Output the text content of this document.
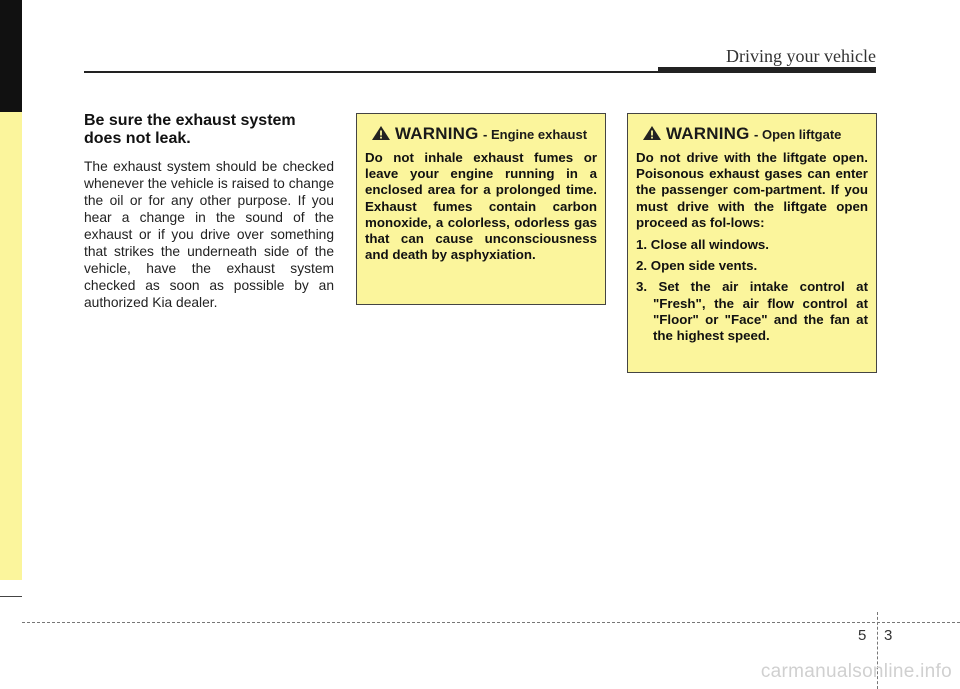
Driving your vehicle
Be sure the exhaust system does not leak.

The exhaust system should be checked whenever the vehicle is raised to change the oil or for any other purpose. If you hear a change in the sound of the exhaust or if you drive over something that strikes the underneath side of the vehicle, have the exhaust system checked as soon as possible by an authorized Kia dealer.

WARNING - Engine exhaust

Do not inhale exhaust fumes or leave your engine running in a enclosed area for a prolonged time. Exhaust fumes contain carbon monoxide, a colorless, odorless gas that can cause unconsciousness and death by asphyxiation.

WARNING - Open liftgate

Do not drive with the liftgate open. Poisonous exhaust gases can enter the passenger com-partment. If you must drive with the liftgate open proceed as fol-lows:

1. Close all windows.
2. Open side vents.
3. Set the air intake control at "Fresh", the air flow control at "Floor" or "Face" and the fan at the highest speed.
5 3
carmanualsonline.info
